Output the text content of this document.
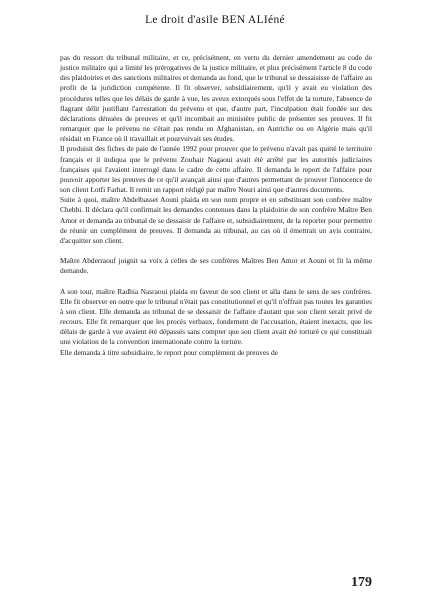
Le droit d'asile BEN ALIéné

pas du ressort du tribunal militaire, et ce, précisément, en vertu du dernier amendement au code de justice militaire qui a limité les prérogatives de la justice militaire, et plus précisément l'article 8 du code des plaidoiries et des sanctions militaires et demanda au fond, que le tribunal se dessaisisse de l'affaire au profit de la juridiction compétente. Il fit observer, subsidiairement, qu'il y avait eu violation des procédures telles que les délais de garde à vue, les aveux extorqués sous l'effet de la torture, l'absence de flagrant délit justifiant l'arrestation du prévenu et que, d'autre part, l'inculpation était fondée sur des déclarations dénuées de preuves et qu'il incombait au ministère public de présenter ses preuves. Il fit remarquer que le prévenu ne s'était pas rendu en Afghanistan, en Autriche ou en Algérie mais qu'il résidait en France où il travaillait et pourvuivait ses études.

Il produisit des fiches de paie de l'année 1992 pour prouver que le prévenu n'avait pas quitté le territoire français et il indiqua que le prévenu Zouhair Nagaoui avait été arrêté par les autorités judiciaires françaises qui l'avaient interrogé dans le cadre de cette affaire. Il demanda le report de l'affaire pour pouvoir apporter les preuves de ce qu'il avançait ainsi que d'autres permettant de prouver l'innocence de son client Lotfi Farhat. Il remit un rapport rédigé par maître Nouri ainsi que d'autres documents.

Suite à quoi, maître Abdelbasset Aouni plaida en son nom propre et en substituant son confrère maître Chebbi. Il déclara qu'il confirmait les demandes contenues dans la plaidoirie de son confrère Maître Ben Amor et demanda au tribunal de se dessaisir de l'affaire et, subsidiairement, de la reporter pour permettre de réunir un complément de preuves. Il demanda au tribunal, au cas où il émettrait un avis contraire, d'acquitter son client.

Maître Abderraouf joignit sa voix à celles de ses confrères Maîtres Ben Amor et Aouni et fit la même demande.

A son tour, maître Radhia Nasraoui plaida en faveur de son client et alla dans le sens de ses confrères. Elle fit observer en outre que le tribunal n'était pas constitutionnel et qu'il n'offrait pas toutes les garanties à son client. Elle demanda au tribunal de se dessaisir de l'affaire d'autant que son client serait privé de recours. Elle fit remarquer que les procès verbaux, fondement de l'accusation, étaient inexacts, que les délais de garde à vue avaient été dépassés sans compter que son client avait été torturé ce qui constituait une violation de la convention internationale contre la torture.

Elle demanda à titre subsidiaire, le report pour complément de preuves de

179
